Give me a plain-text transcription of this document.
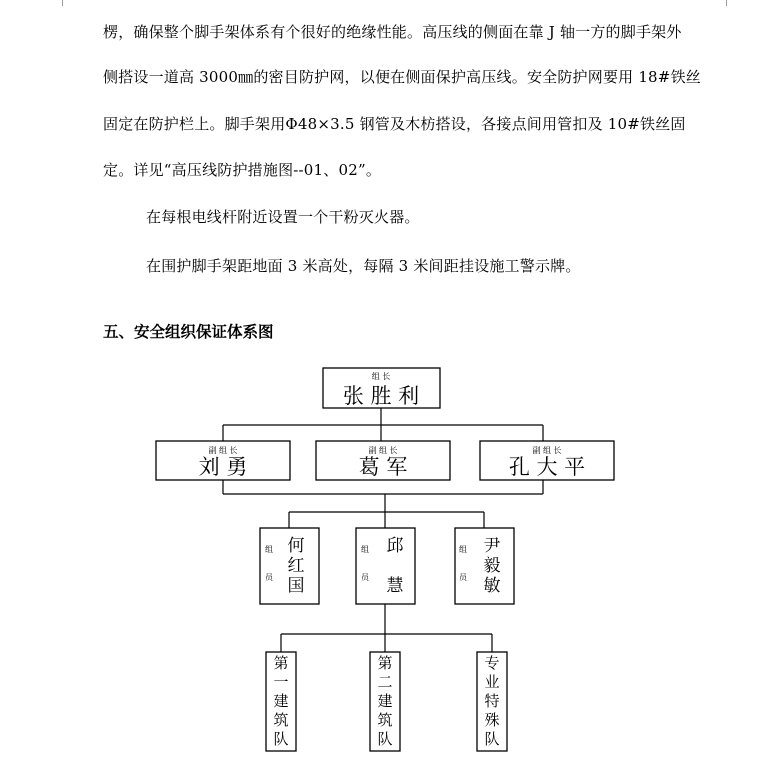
楞，确保整个脚手架体系有个很好的绝缘性能。高压线的侧面在靠 J 轴一方的脚手架外
侧搭设一道高 3000㎜的密目防护网，以便在侧面保护高压线。安全防护网要用 18#铁丝
固定在防护栏上。脚手架用Φ48×3.5 钢管及木枋搭设，各接点间用管扣及 10#铁丝固
定。详见“高压线防护措施图--01、02”。
在每根电线杆附近设置一个干粉灭火器。
在围护脚手架距地面 3 米高处，每隔 3 米间距挂设施工警示牌。
五、安全组织保证体系图
组 长
张 胜 利
副 组 长
刘 勇
副 组 长
葛 军
副 组 长
孔 大 平
组
员
何
红
国
组
员
邱
慧
组
员
尹
毅
敏
第
一
建
筑
队
第
二
建
筑
队
专
业
特
殊
队
